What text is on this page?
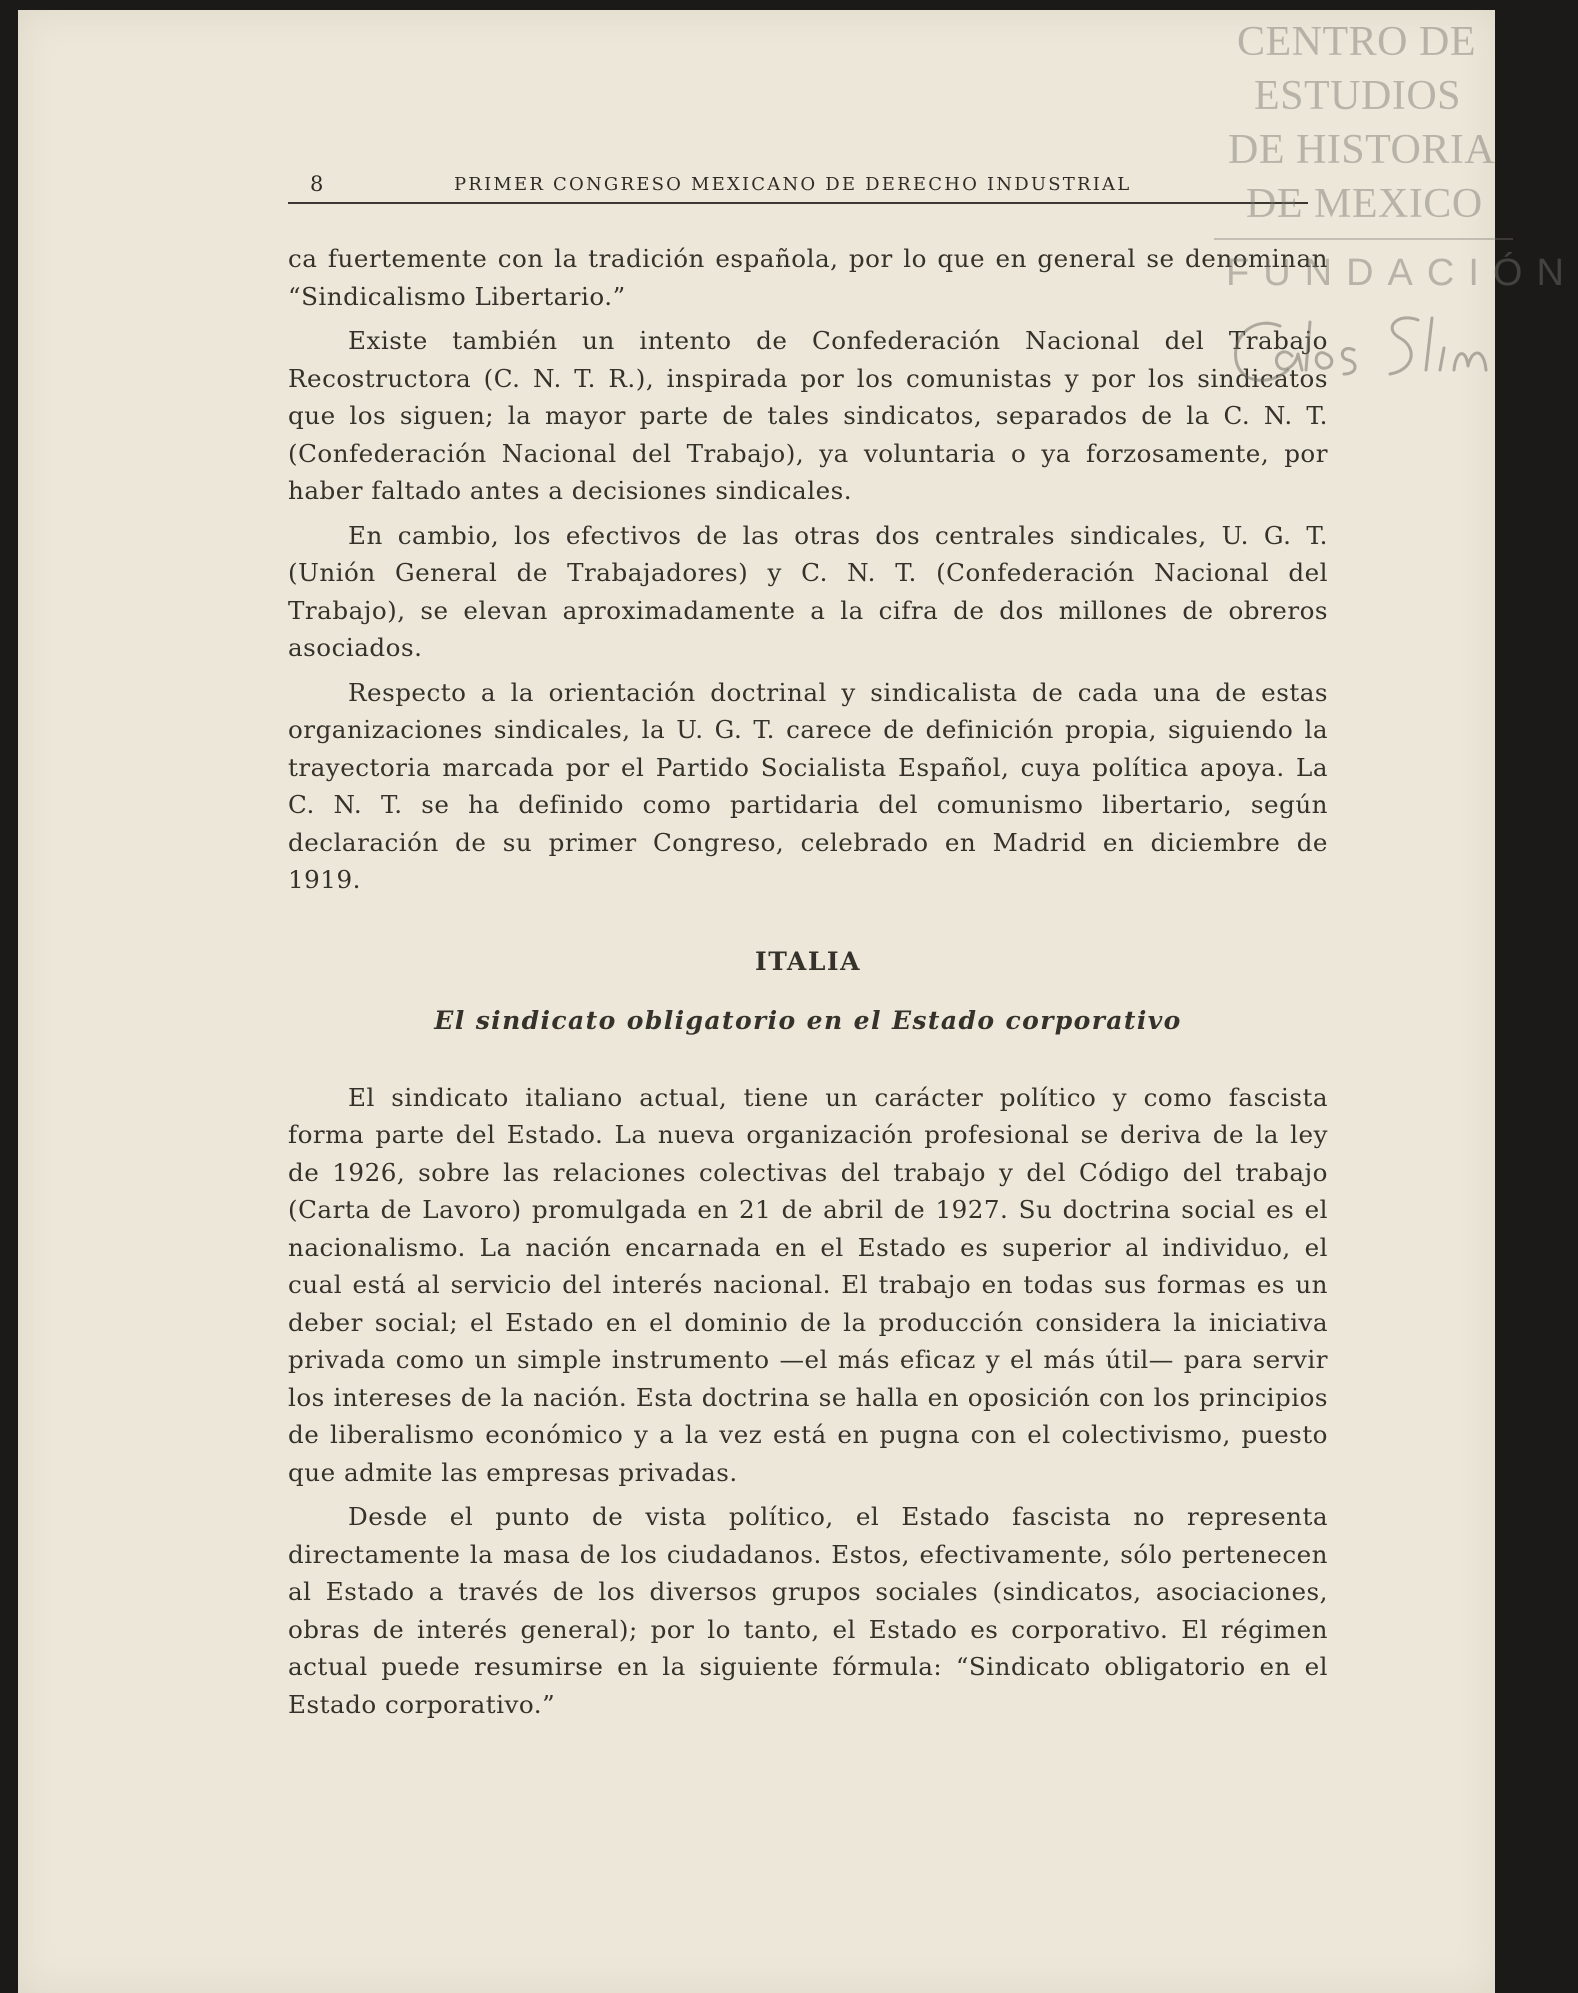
8	PRIMER CONGRESO MEXICANO DE DERECHO INDUSTRIAL

ca fuertemente con la tradición española, por lo que en general se denominan “Sindicalismo Libertario.”

Existe también un intento de Confederación Nacional del Trabajo Recostructora (C. N. T. R.), inspirada por los comunistas y por los sindicatos que los siguen; la mayor parte de tales sindicatos, separados de la C. N. T. (Confederación Nacional del Trabajo), ya voluntaria o ya forzosamente, por haber faltado antes a decisiones sindicales.

En cambio, los efectivos de las otras dos centrales sindicales, U. G. T. (Unión General de Trabajadores) y C. N. T. (Confederación Nacional del Trabajo), se elevan aproximadamente a la cifra de dos millones de obreros asociados.

Respecto a la orientación doctrinal y sindicalista de cada una de estas organizaciones sindicales, la U. G. T. carece de definición propia, siguiendo la trayectoria marcada por el Partido Socialista Español, cuya política apoya. La C. N. T. se ha definido como partidaria del comunismo libertario, según declaración de su primer Congreso, celebrado en Madrid en diciembre de 1919.

ITALIA
El sindicato obligatorio en el Estado corporativo

El sindicato italiano actual, tiene un carácter político y como fascista forma parte del Estado. La nueva organización profesional se deriva de la ley de 1926, sobre las relaciones colectivas del trabajo y del Código del trabajo (Carta de Lavoro) promulgada en 21 de abril de 1927. Su doctrina social es el nacionalismo. La nación encarnada en el Estado es superior al individuo, el cual está al servicio del interés nacional. El trabajo en todas sus formas es un deber social; el Estado en el dominio de la producción considera la iniciativa privada como un simple instrumento —el más eficaz y el más útil— para servir los intereses de la nación. Esta doctrina se halla en oposición con los principios de liberalismo económico y a la vez está en pugna con el colectivismo, puesto que admite las empresas privadas.

Desde el punto de vista político, el Estado fascista no representa directamente la masa de los ciudadanos. Estos, efectivamente, sólo pertenecen al Estado a través de los diversos grupos sociales (sindicatos, asociaciones, obras de interés general); por lo tanto, el Estado es corporativo. El régimen actual puede resumirse en la siguiente fórmula: “Sindicato obligatorio en el Estado corporativo.”

CENTRO DE
ESTUDIOS
DE HISTORIA
DE MEXICO
FUNDACIÓN
